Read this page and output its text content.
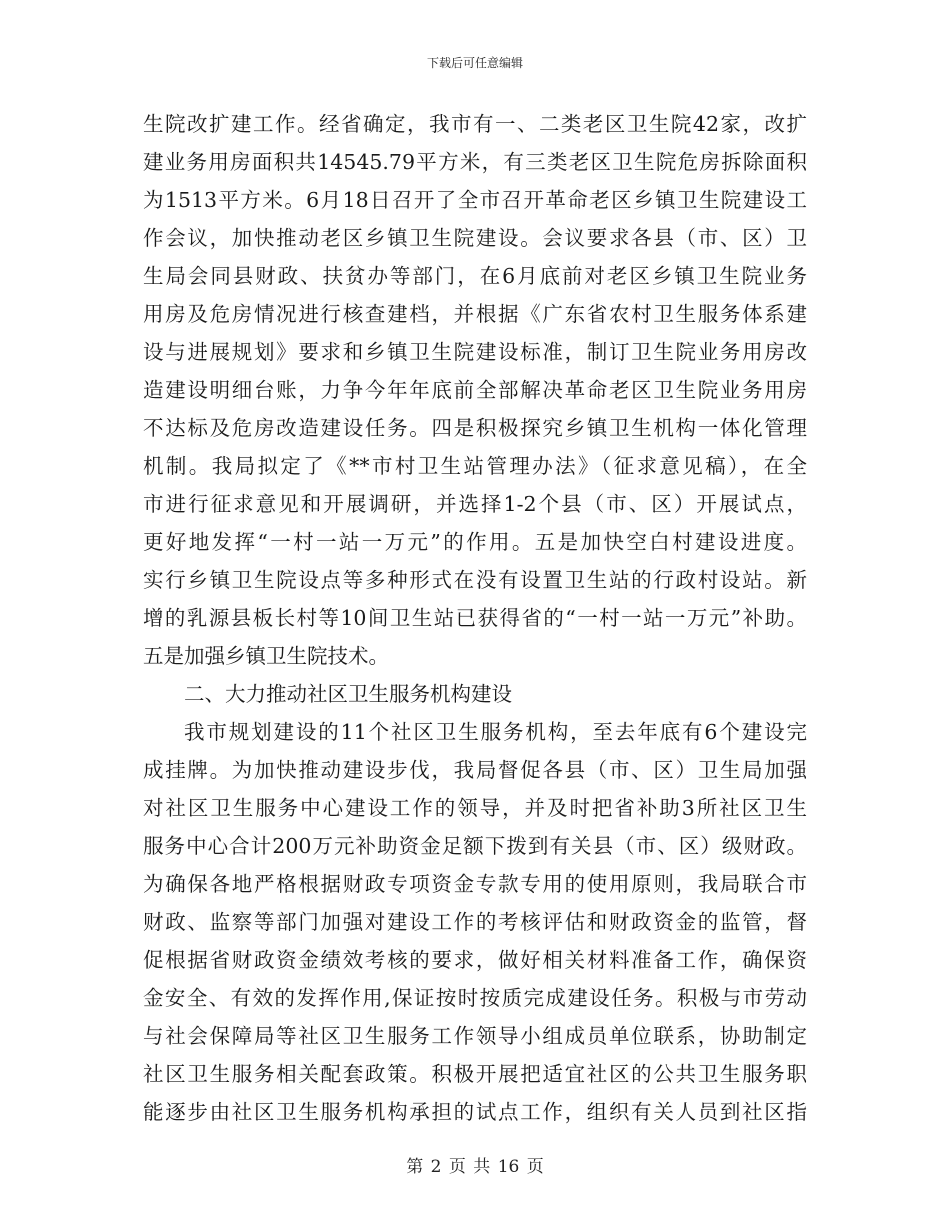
下载后可任意编辑
生院改扩建工作。经省确定，我市有一、二类老区卫生院42家，改扩
建业务用房面积共14545.79平方米，有三类老区卫生院危房拆除面积
为1513平方米。6月18日召开了全市召开革命老区乡镇卫生院建设工
作会议，加快推动老区乡镇卫生院建设。会议要求各县（市、区）卫
生局会同县财政、扶贫办等部门，在6月底前对老区乡镇卫生院业务
用房及危房情况进行核查建档，并根据《广东省农村卫生服务体系建
设与进展规划》要求和乡镇卫生院建设标准，制订卫生院业务用房改
造建设明细台账，力争今年年底前全部解决革命老区卫生院业务用房
不达标及危房改造建设任务。四是积极探究乡镇卫生机构一体化管理
机制。我局拟定了《**市村卫生站管理办法》（征求意见稿），在全
市进行征求意见和开展调研，并选择1-2个县（市、区）开展试点，
更好地发挥“一村一站一万元”的作用。五是加快空白村建设进度。
实行乡镇卫生院设点等多种形式在没有设置卫生站的行政村设站。新
增的乳源县板长村等10间卫生站已获得省的“一村一站一万元”补助。
五是加强乡镇卫生院技术。
二、大力推动社区卫生服务机构建设
我市规划建设的11个社区卫生服务机构，至去年底有6个建设完
成挂牌。为加快推动建设步伐，我局督促各县（市、区）卫生局加强
对社区卫生服务中心建设工作的领导，并及时把省补助3所社区卫生
服务中心合计200万元补助资金足额下拨到有关县（市、区）级财政。
为确保各地严格根据财政专项资金专款专用的使用原则，我局联合市
财政、监察等部门加强对建设工作的考核评估和财政资金的监管，督
促根据省财政资金绩效考核的要求，做好相关材料准备工作，确保资
金安全、有效的发挥作用,保证按时按质完成建设任务。积极与市劳动
与社会保障局等社区卫生服务工作领导小组成员单位联系，协助制定
社区卫生服务相关配套政策。积极开展把适宜社区的公共卫生服务职
能逐步由社区卫生服务机构承担的试点工作，组织有关人员到社区指
第 2 页 共 16 页
